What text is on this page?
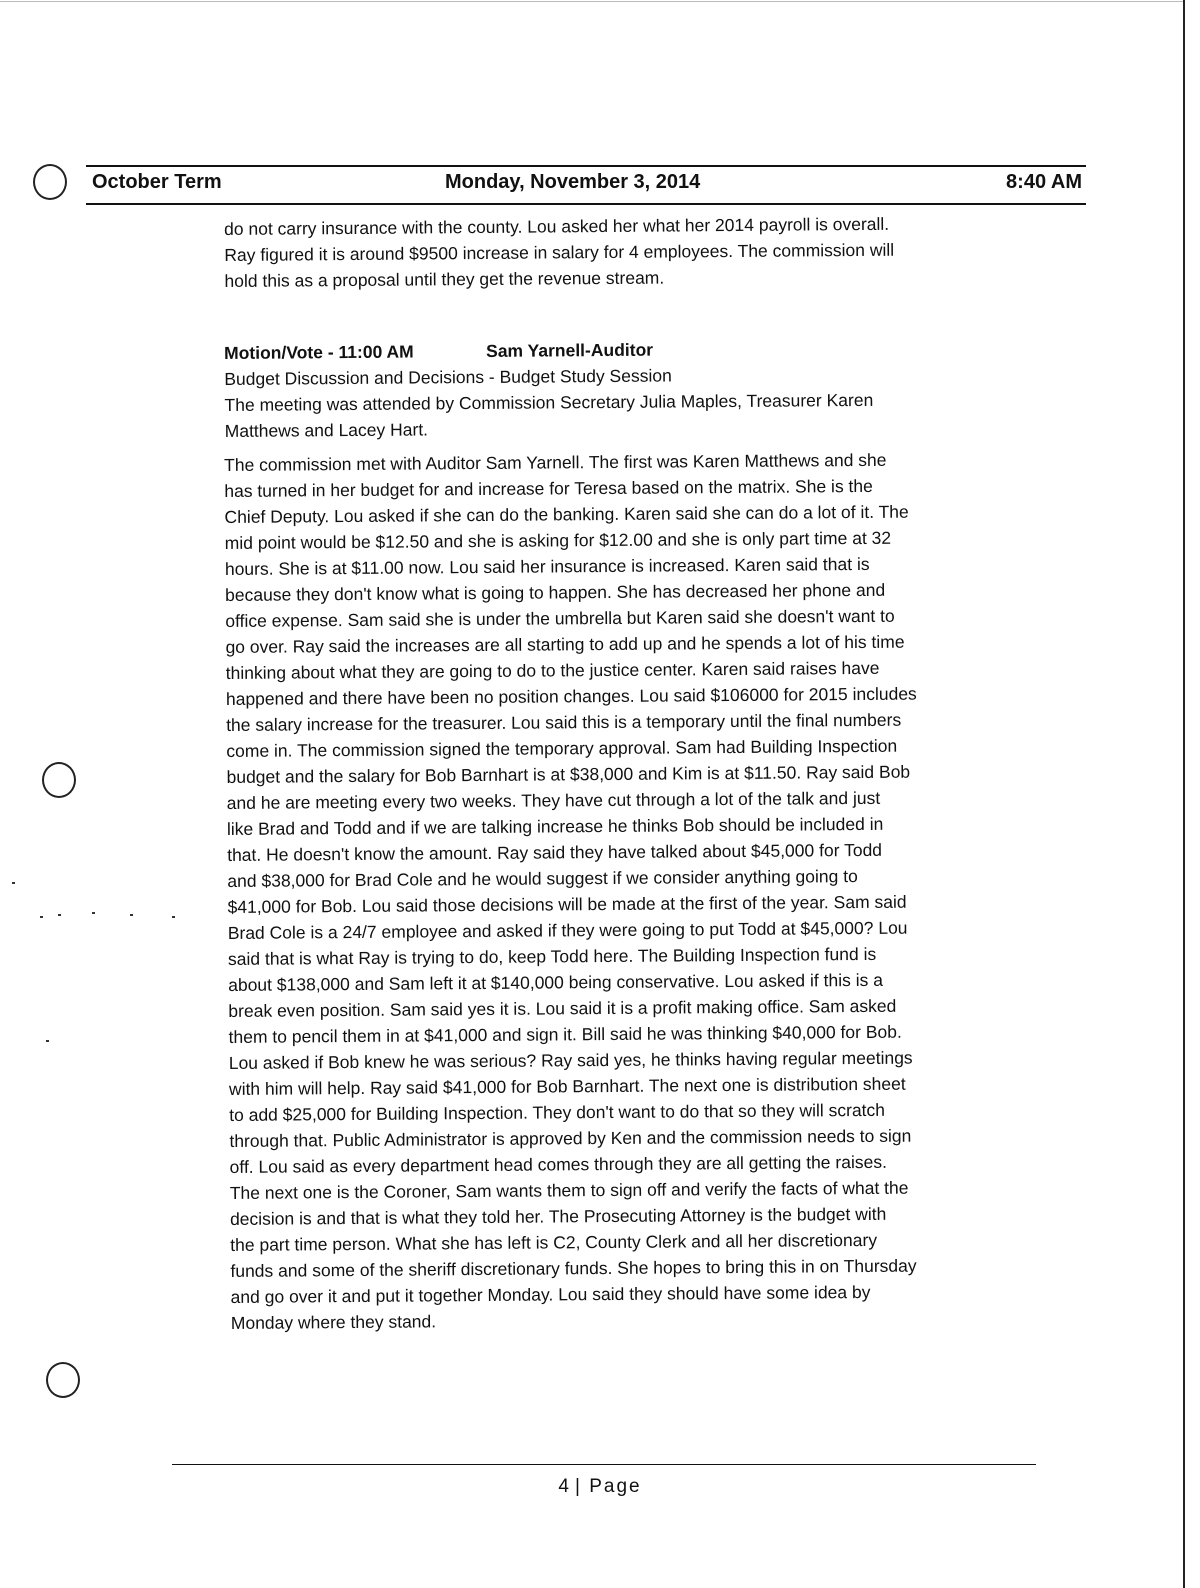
October Term	Monday, November 3, 2014	8:40 AM

do not carry insurance with the county. Lou asked her what her 2014 payroll is overall.

Ray figured it is around $9500 increase in salary for 4 employees. The commission will

hold this as a proposal until they get the revenue stream.

Motion/Vote - 11:00 AM	Sam Yarnell-Auditor

Budget Discussion and Decisions - Budget Study Session

The meeting was attended by Commission Secretary Julia Maples, Treasurer Karen

Matthews and Lacey Hart.

The commission met with Auditor Sam Yarnell. The first was Karen Matthews and she

has turned in her budget for and increase for Teresa based on the matrix. She is the

Chief Deputy. Lou asked if she can do the banking. Karen said she can do a lot of it. The

mid point would be $12.50 and she is asking for $12.00 and she is only part time at 32

hours. She is at $11.00 now. Lou said her insurance is increased. Karen said that is

because they don't know what is going to happen. She has decreased her phone and

office expense. Sam said she is under the umbrella but Karen said she doesn't want to

go over. Ray said the increases are all starting to add up and he spends a lot of his time

thinking about what they are going to do to the justice center. Karen said raises have

happened and there have been no position changes. Lou said $106000 for 2015 includes

the salary increase for the treasurer. Lou said this is a temporary until the final numbers

come in. The commission signed the temporary approval. Sam had Building Inspection

budget and the salary for Bob Barnhart is at $38,000 and Kim is at $11.50. Ray said Bob

and he are meeting every two weeks. They have cut through a lot of the talk and just

like Brad and Todd and if we are talking increase he thinks Bob should be included in

that. He doesn't know the amount. Ray said they have talked about $45,000 for Todd

and $38,000 for Brad Cole and he would suggest if we consider anything going to

$41,000 for Bob. Lou said those decisions will be made at the first of the year. Sam said

Brad Cole is a 24/7 employee and asked if they were going to put Todd at $45,000? Lou

said that is what Ray is trying to do, keep Todd here. The Building Inspection fund is

about $138,000 and Sam left it at $140,000 being conservative. Lou asked if this is a

break even position. Sam said yes it is. Lou said it is a profit making office. Sam asked

them to pencil them in at $41,000 and sign it. Bill said he was thinking $40,000 for Bob.

Lou asked if Bob knew he was serious? Ray said yes, he thinks having regular meetings

with him will help. Ray said $41,000 for Bob Barnhart. The next one is distribution sheet

to add $25,000 for Building Inspection. They don't want to do that so they will scratch

through that. Public Administrator is approved by Ken and the commission needs to sign

off. Lou said as every department head comes through they are all getting the raises.

The next one is the Coroner, Sam wants them to sign off and verify the facts of what the

decision is and that is what they told her. The Prosecuting Attorney is the budget with

the part time person. What she has left is C2, County Clerk and all her discretionary

funds and some of the sheriff discretionary funds. She hopes to bring this in on Thursday

and go over it and put it together Monday. Lou said they should have some idea by

Monday where they stand.

4 | Page
